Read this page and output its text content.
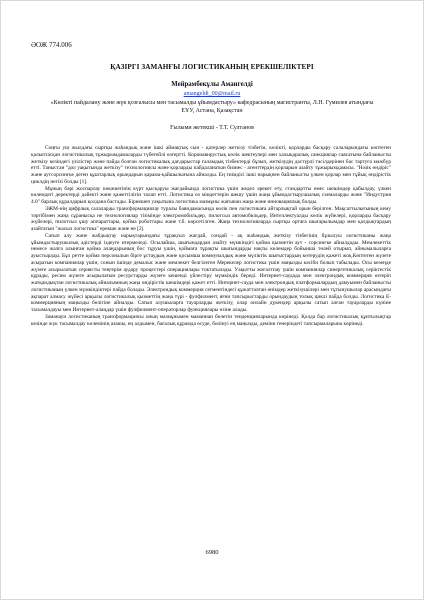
ӘОЖ 774.006
ҚАЗІРГІ ЗАМАНҒЫ ЛОГИСТИКАНЫҢ ЕРЕКШЕЛІКТЕРІ
Мейрамбекұлы Амангелді
amangeldi_00@mail.ru
«Көлікті пайдалану және жүк қозғалысы мен тасымалды ұйымдастыру» кафедрасының магистранты, Л.Н. Гумилев атындағы ЕҰУ, Астана, Қазақстан
Ғылыми жетекші - Т.Т. Султанов

Соңғы уш жылдағы сыртқы жаһандық және ішкі аймақтық сын - қатерлер жеткізу тізбегін, көлікті, қорларды басқару салаларындағы көптеген қалыптасқан логистикалық тұжырымдамаларды түбегейлі өзгертті. Коронавирустық көлік шектеулері мен халықаралық санкциялар саясатына байланысты жеткізу кезіндегі үзілістер және пайда болған логистикалық дағдарыстар ғаламдық тізбектерді бұзып, жеткізудің дәстүрлі тәсілдерінен бас тартуға мәжбүр етті. Таныстан "дәл уақытында жеткізу" технологиясы және қорларды пайдаланатын бизнес - агенттердің қорларын азайту тұжырымдамасы. "Нәзік өндіріс" және аутсорсингке деген құштарлық орындарын қарама-қайшылығына айналды. Ең тиімдісі ішкі нарықпен байланысты үлкен қорлар мен тұйық өндірістік циклдің негізі болды [1].

Мұның бәрі жоспарлау көкжиегінің күрт қысқаруы жағдайында логистика үшін жедел әрекет ету, стандартты емес шешімдер қабылдау, үлкен көлемдегі деректерді дәйекті және қажеттілігін талап етті. Логистика өз міндеттерін шешу үшін жаңа ұйымдастырушылық схемаларды және "Индустрия 4.0" барлық құралдарын қолдана бастады. Бірнешеп уақытына логистика мазмұны жағынан жаңа және инновациялық болды.

ЭЖМ-нің цифрлық салаларды трансформациялау туралы баяндамасында көлік пен логистикаға айтарлықтай орын берілген. Мақсаттылығының кему тәртібімен жаңа сұранысқа не технологиялар тізімінде электромобильдер, пилотсыз автомобильдер, Интеллектуалды көлік жүйелері, қорларды басқару жүйелері, пилотсыз ұшу аппараттары, қойма роботтары және т.б. көрсетілген. Жаңа технологияларда сыртқы ортаға шығарылымдар мен қалдықтардың азайтатын "жасыл логистика" ерекше және не [2].

Сатып алу және жабдықтау нарықтарындағы тұрақсыз жағдай, сондай - ақ жаһандық жеткізу тізбегінің бұзылуы логистиканы жаңа ұйымдастырушылық әдістерді іздеуге итермеледі. Осылайша, шығындардан азайту мүмкіндігі қойма қызметін аут - сорсингке айналдады. Мемлекеттік немесе жалға алынған қойма алаңдарының бос тұруы үшін, қоймаға тұрақты шығындарды нақты көлемдер бойынша төлей отырып, айнымалыларға ауыстырады. Бұл ретте қойма персоналын бірге ұстаудың және қосымша коммуналдық және мүліктік шығыстардың көтерудің қажеті жоқ.Көптеген жүзеге асыратын компаниялар үшін, сонын ішінде демалыс және мемлекет белгілеген Мерекелер логистика үшін маңызды кәсіби болып табылады. Осы кезеңде жүзеге асырылатын сериясты теңгерім аудару процестері операциялары токтатылады. Уақытты жоғалтпау үшін компаниялар синергетикалық серіктестік құрады, ресим жүзеге асырылатын ресурстарды жүзеге кешенді үйлестіру мүмкіндік береді. Интернет-саудада мен электрондық коммерция өзгеріп жатқандықтан логистикалық айналымның жаңа өндірістік шешімдері қажет етті. Интернет-сауда мен электрондық платформалардың дамуымен байланысты логистиканың үлкен мүмкіндіктері пайда болады. Электрондық коммерция сегментіндегі құжатталған өнімдер жеткізушілері мен тұтынушылар арасындағы ақпарат алмасу жүйесі арқылы логистикалық қызметтің жаңа түрі - фулфилмент, яғни тапсырыстарды орындаудың толық циклі пайда болды. Логистика Е-коммерцияның маңызды бөлігіне айналды. Сатып алушыларға тауарларды жеткізу, олар онлайн дүкендер арқылы сатып алған тауарларды күніне тасымалдауы мен Интернет-алаңдар үшін фулфилмент-операторлар функциялары өзіне алады.

Заманауи логистиканың трансформациясы оның мазмұнымен маманнан бөлетін тенденцияларында көрінеді. Қолда бар логистикалық құнтылықтар кезінде жүк тасымалдау көлемінің азаюы, ең алдымен, бағалық құрамда өсуде, бөлінуі ең маңызды, деміни генеріндегі тапсырмаларына көрінеді.

6980
